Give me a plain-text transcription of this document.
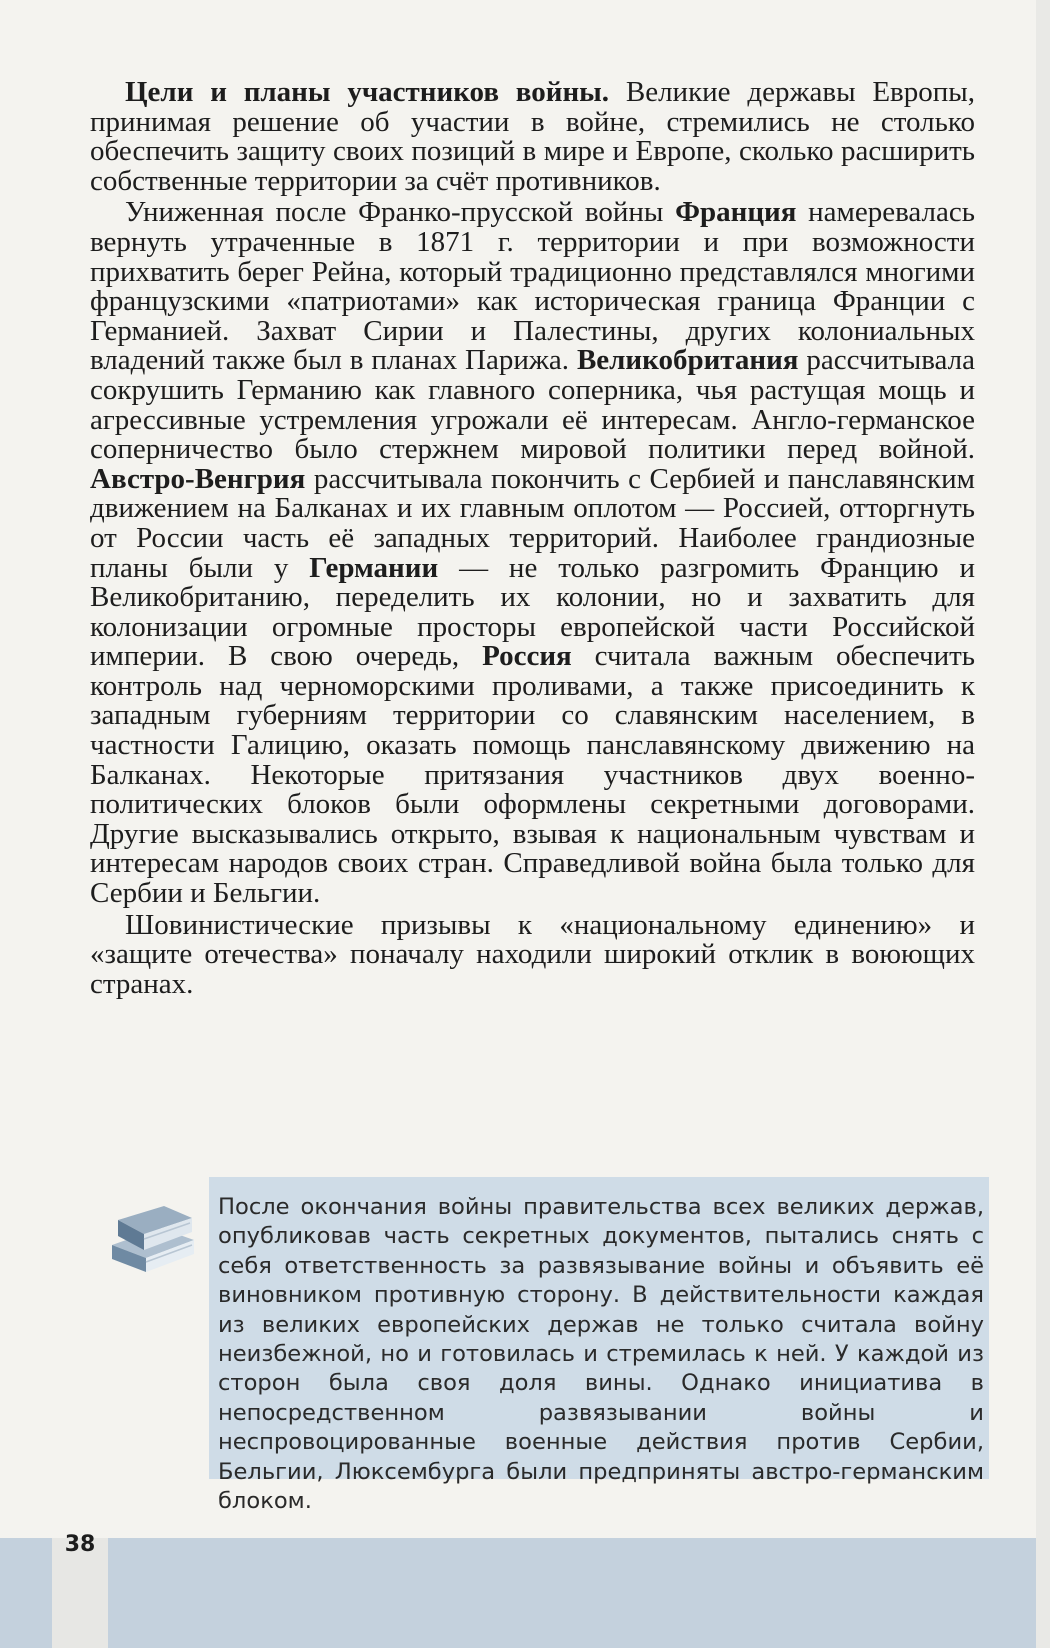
Цели и планы участников войны. Великие державы Европы, принимая решение об участии в войне, стремились не столько обеспечить защиту своих позиций в мире и Европе, сколько расширить собственные территории за счёт противников.

Униженная после Франко-прусской войны Франция намеревалась вернуть утраченные в 1871 г. территории и при возможности прихватить берег Рейна, который традиционно представлялся многими французскими «патриотами» как историческая граница Франции с Германией. Захват Сирии и Палестины, других колониальных владений также был в планах Парижа. Великобритания рассчитывала сокрушить Германию как главного соперника, чья растущая мощь и агрессивные устремления угрожали её интересам. Англо-германское соперничество было стержнем мировой политики перед войной. Австро-Венгрия рассчитывала покончить с Сербией и панславянским движением на Балканах и их главным оплотом — Россией, отторгнуть от России часть её западных территорий. Наиболее грандиозные планы были у Германии — не только разгромить Францию и Великобританию, переделить их колонии, но и захватить для колонизации огромные просторы европейской части Российской империи. В свою очередь, Россия считала важным обеспечить контроль над черноморскими проливами, а также присоединить к западным губерниям территории со славянским населением, в частности Галицию, оказать помощь панславянскому движению на Балканах. Некоторые притязания участников двух военно-политических блоков были оформлены секретными договорами. Другие высказывались открыто, взывая к национальным чувствам и интересам народов своих стран. Справедливой война была только для Сербии и Бельгии.

Шовинистические призывы к «национальному единению» и «защите отечества» поначалу находили широкий отклик в воюющих странах.

После окончания войны правительства всех великих держав, опубликовав часть секретных документов, пытались снять с себя ответственность за развязывание войны и объявить её виновником противную сторону. В действительности каждая из великих европейских держав не только считала войну неизбежной, но и готовилась и стремилась к ней. У каждой из сторон была своя доля вины. Однако инициатива в непосредственном развязывании войны и неспровоцированные военные действия против Сербии, Бельгии, Люксембурга были предприняты австро-германским блоком.
38
